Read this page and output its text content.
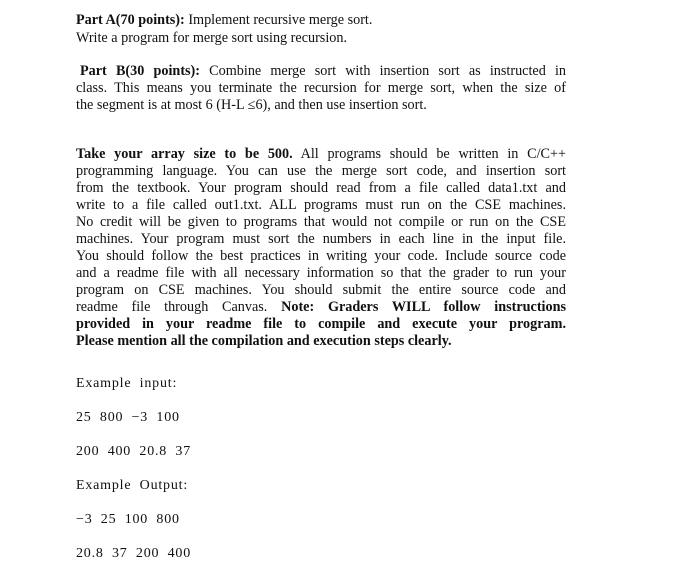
Part A(70 points): Implement recursive merge sort.
Write a program for merge sort using recursion.
Part B(30 points): Combine merge sort with insertion sort as instructed in
class. This means you terminate the recursion for merge sort, when the size of
the segment is at most 6 (H-L ≤6), and then use insertion sort.
Take your array size to be 500. All programs should be written in C/C++
programming language. You can use the merge sort code, and insertion sort
from the textbook. Your program should read from a file called data1.txt and
write to a file called out1.txt. ALL programs must run on the CSE machines.
No credit will be given to programs that would not compile or run on the CSE
machines. Your program must sort the numbers in each line in the input file.
You should follow the best practices in writing your code. Include source code
and a readme file with all necessary information so that the grader to run your
program on CSE machines. You should submit the entire source code and
readme file through Canvas. Note: Graders WILL follow instructions
provided in your readme file to compile and execute your program.
Please mention all the compilation and execution steps clearly.
Example input:
25 800 −3 100
200 400 20.8 37
Example Output:
−3 25 100 800
20.8 37 200 400
